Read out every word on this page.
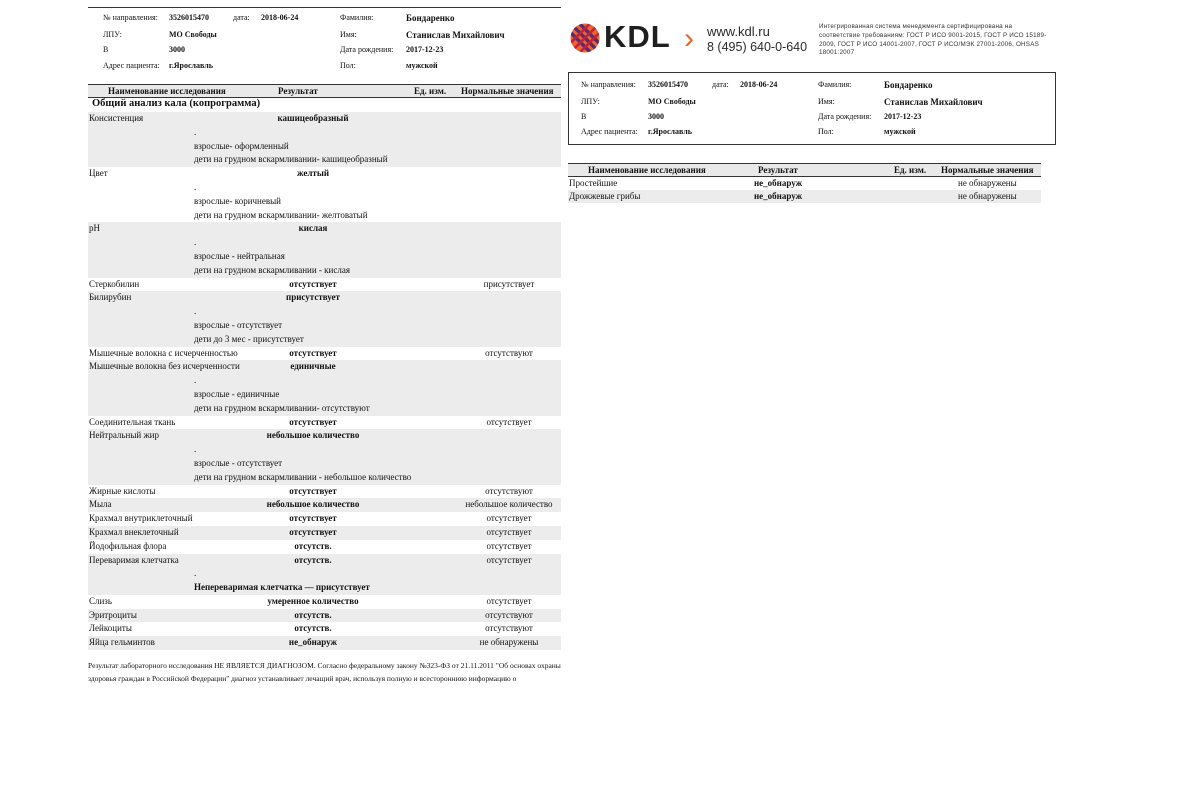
№ направления: 3526015470	дата: 2018-06-24	Фамилия:	Бондаренко
ЛПУ:	МО Свободы	Имя:	Станислав Михайлович
В	3000	Дата рождения: 2017-12-23
Адрес пациента: г.Ярославль	Пол:	мужской
Наименование исследования	Результат	Ед. изм. Нормальные значения
Общий анализ кала (копрограмма)
Консистенция	кашицеобразный
.
взрослые- оформленный
дети на грудном вскармливании- кашицеобразный
Цвет	желтый
.
взрослые- коричневый
дети на грудном вскармливании- желтоватый
pH	кислая
.
взрослые - нейтральная
дети на грудном вскармливании - кислая
Стеркобилин	отсутствует	присутствует
Билирубин	присутствует
.
взрослые - отсутствует
дети до 3 мес - присутствует
Мышечные волокна с исчерченностью	отсутствует	отсутствуют
Мышечные волокна без исчерченности	единичные
.
взрослые - единичные
дети на грудном вскармливании- отсутствуют
Соединительная ткань	отсутствует	отсутствует
Нейтральный жир	небольшое количество
.
взрослые - отсутствует
дети на грудном вскармливании - небольшое количество
Жирные кислоты	отсутствует	отсутствуют
Мыла	небольшое количество	небольшое количество
Крахмал внутриклеточный	отсутствует	отсутствует
Крахмал внеклеточный	отсутствует	отсутствует
Йодофильная флора	отсутств.	отсутствует
Переваримая клетчатка	отсутств.	отсутствует
.
Непереваримая клетчатка — присутствует
Слизь	умеренное количество	отсутствует
Эритроциты	отсутств.	отсутствуют
Лейкоциты	отсутств.	отсутствуют
Яйца гельминтов	не_обнаруж	не обнаружены
Результат лабораторного исследования НЕ ЯВЛЯЕТСЯ ДИАГНОЗОМ. Согласно федеральному закону №323-ФЗ от 21.11.2011 "Об основах охраны
здоровья граждан в Российской Федерации" диагноз устанавливает лечащий врач, используя полную и всестороннюю информацию о
KDL › www.kdl.ru
8 (495) 640-0-640
Интегрированная система менеджмента сертифицирована на соответствие требованиям: ГОСТ Р ИСО 9001-2015, ГОСТ Р ИСО 15189-2009, ГОСТ Р ИСО 14001-2007, ГОСТ Р ИСО/МЭК 27001-2006, OHSAS 18001:2007
№ направления: 3526015470	дата: 2018-06-24	Фамилия:	Бондаренко
ЛПУ:	МО Свободы	Имя:	Станислав Михайлович
В	3000	Дата рождения: 2017-12-23
Адрес пациента: г.Ярославль	Пол:	мужской
Наименование исследования	Результат	Ед. изм. Нормальные значения
Простейшие	не_обнаруж	не обнаружены
Дрожжевые грибы	не_обнаруж	не обнаружены
